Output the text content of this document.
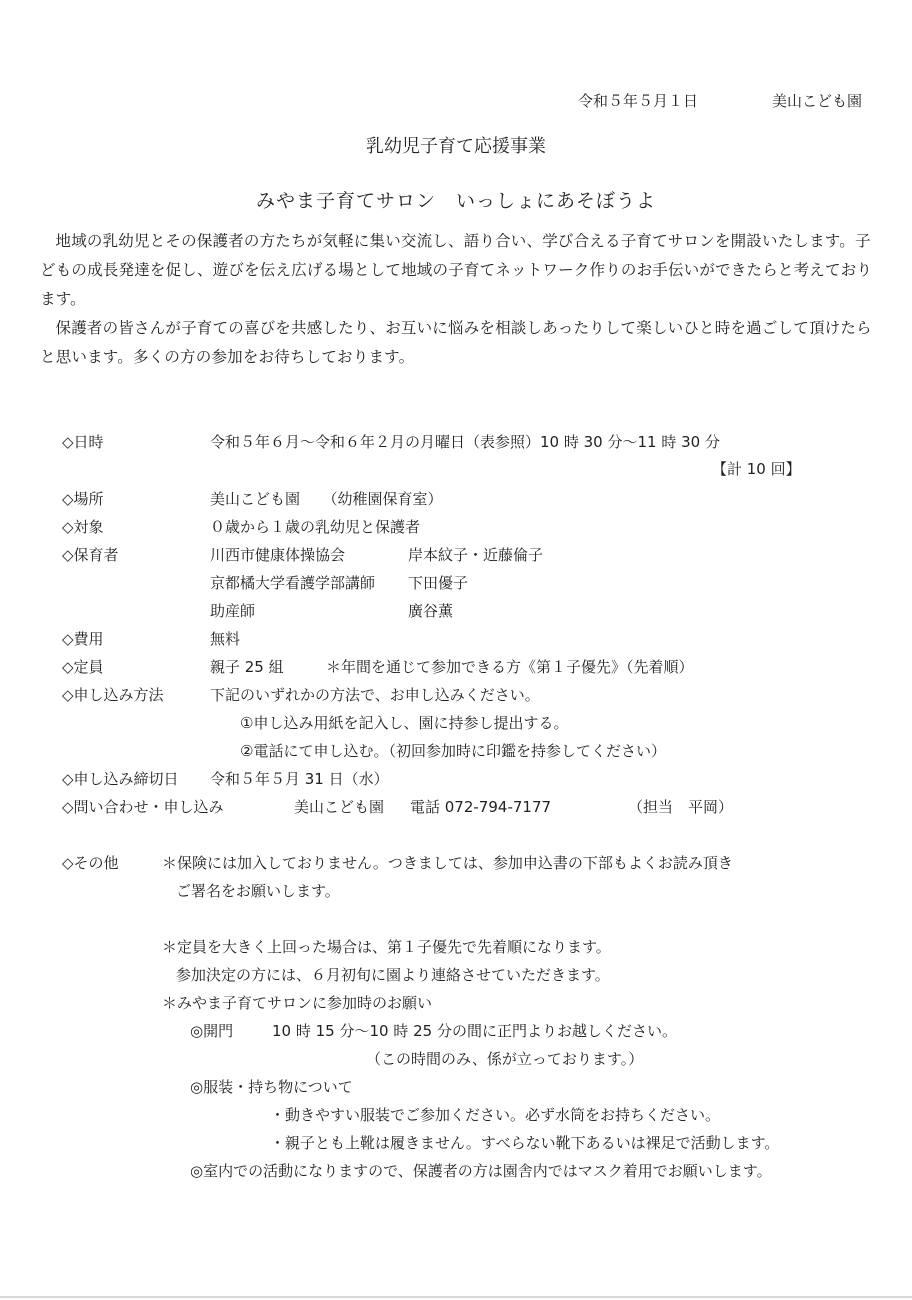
令和５年５月１日	美山こども園
乳幼児子育て応援事業
みやま子育てサロン　いっしょにあそぼうよ

地域の乳幼児とその保護者の方たちが気軽に集い交流し、語り合い、学び合える子育てサロンを開設いたします。子どもの成長発達を促し、遊びを伝え広げる場として地域の子育てネットワーク作りのお手伝いができたらと考えております。

保護者の皆さんが子育ての喜びを共感したり、お互いに悩みを相談しあったりして楽しいひと時を過ごして頂けたらと思います。多くの方の参加をお待ちしております。

◇日時	令和５年６月～令和６年２月の月曜日（表参照）10 時 30 分～11 時 30 分
【計 10 回】
◇場所	美山こども園　　（幼稚園保育室）
◇対象	０歳から１歳の乳幼児と保護者
◇保育者	川西市健康体操協会	岸本紋子・近藤倫子
京都橘大学看護学部講師 下田優子
助産師	廣谷薫
◇費用	無料
◇定員	親子 25 組	＊年間を通じて参加できる方《第１子優先》（先着順）
◇申し込み方法	下記のいずれかの方法で、お申し込みください。
①申し込み用紙を記入し、園に持参し提出する。
②電話にて申し込む。（初回参加時に印鑑を持参してください）
◇申し込み締切日 令和５年５月 31 日（水）
◇問い合わせ・申し込み	美山こども園 電話 072-794-7177	（担当　平岡）
◇その他	＊保険には加入しておりません。つきましては、参加申込書の下部もよくお読み頂き
ご署名をお願いします。
＊定員を大きく上回った場合は、第１子優先で先着順になります。
参加決定の方には、６月初旬に園より連絡させていただきます。
＊みやま子育てサロンに参加時のお願い
◎開門	10 時 15 分～10 時 25 分の間に正門よりお越しください。
（この時間のみ、係が立っております。）
◎服装・持ち物について
・動きやすい服装でご参加ください。必ず水筒をお持ちください。
・親子とも上靴は履きません。すべらない靴下あるいは裸足で活動します。
◎室内での活動になりますので、保護者の方は園舎内ではマスク着用でお願いします。
